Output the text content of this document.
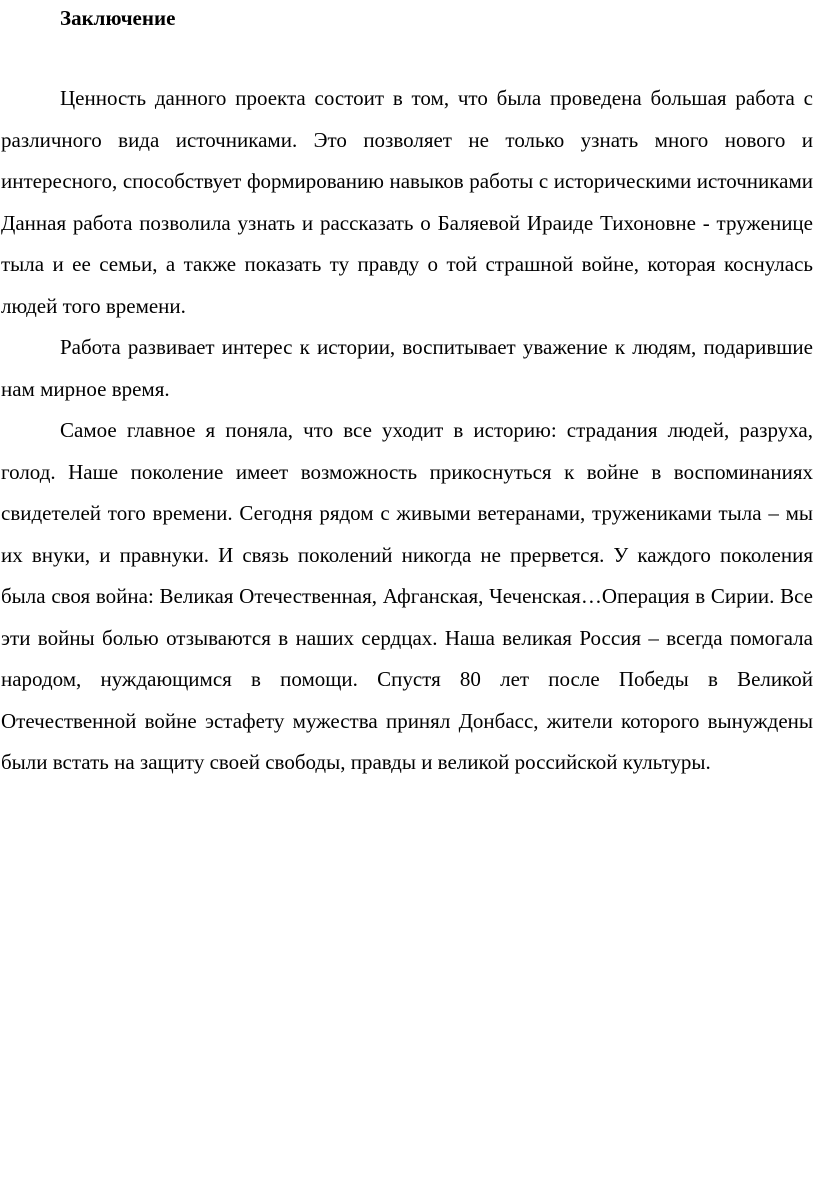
Заключение

Ценность данного проекта состоит в том, что была проведена большая работа с различного вида источниками. Это позволяет не только узнать много нового и интересного, способствует формированию навыков работы с историческими источниками Данная работа позволила узнать и рассказать о Баляевой Ираиде Тихоновне - труженице тыла и ее семьи, а также показать ту правду о той страшной войне, которая коснулась людей того времени.

Работа развивает интерес к истории, воспитывает уважение к людям, подарившие нам мирное время.

Самое главное я поняла, что все уходит в историю: страдания людей, разруха, голод. Наше поколение имеет возможность прикоснуться к войне в воспоминаниях свидетелей того времени. Сегодня рядом с живыми ветеранами, тружениками тыла – мы их внуки, и правнуки. И связь поколений никогда не прервется. У каждого поколения была своя война: Великая Отечественная, Афганская, Чеченская…Операция в Сирии. Все эти войны болью отзываются в наших сердцах. Наша великая Россия – всегда помогала народом, нуждающимся в помощи. Спустя 80 лет после Победы в Великой Отечественной войне эстафету мужества принял Донбасс, жители которого вынуждены были встать на защиту своей свободы, правды и великой российской культуры.
